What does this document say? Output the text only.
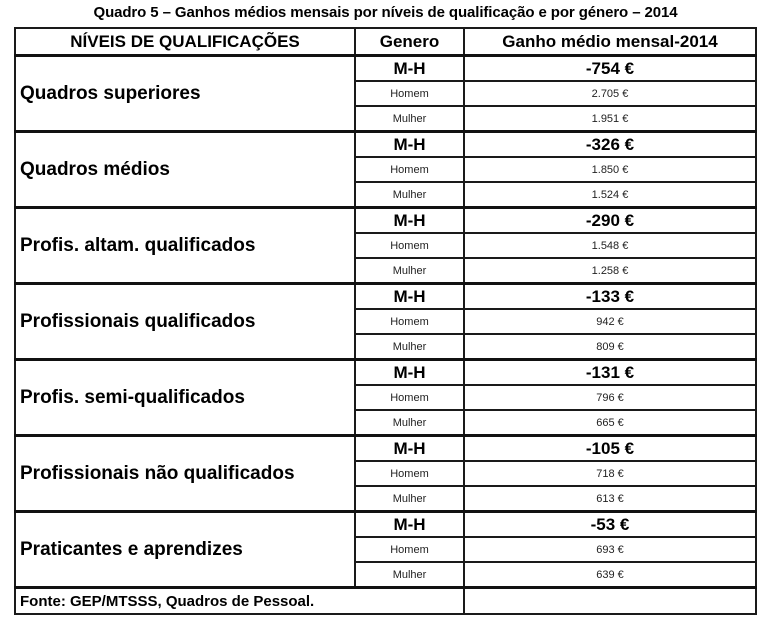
Quadro 5 – Ganhos médios mensais por níveis de qualificação e por género – 2014
NÍVEIS DE QUALIFICAÇÕES	Genero	Ganho médio mensal-2014
Quadros superiores	M-H	-754 €
	Homem	2.705 €
	Mulher	1.951 €
Quadros médios	M-H	-326 €
	Homem	1.850 €
	Mulher	1.524 €
Profis. altam. qualificados	M-H	-290 €
	Homem	1.548 €
	Mulher	1.258 €
Profissionais qualificados	M-H	-133 €
	Homem	942 €
	Mulher	809 €
Profis. semi-qualificados	M-H	-131 €
	Homem	796 €
	Mulher	665 €
Profissionais não qualificados	M-H	-105 €
	Homem	718 €
	Mulher	613 €
Praticantes e aprendizes	M-H	-53 €
	Homem	693 €
	Mulher	639 €
Fonte: GEP/MTSSS, Quadros de Pessoal.		
